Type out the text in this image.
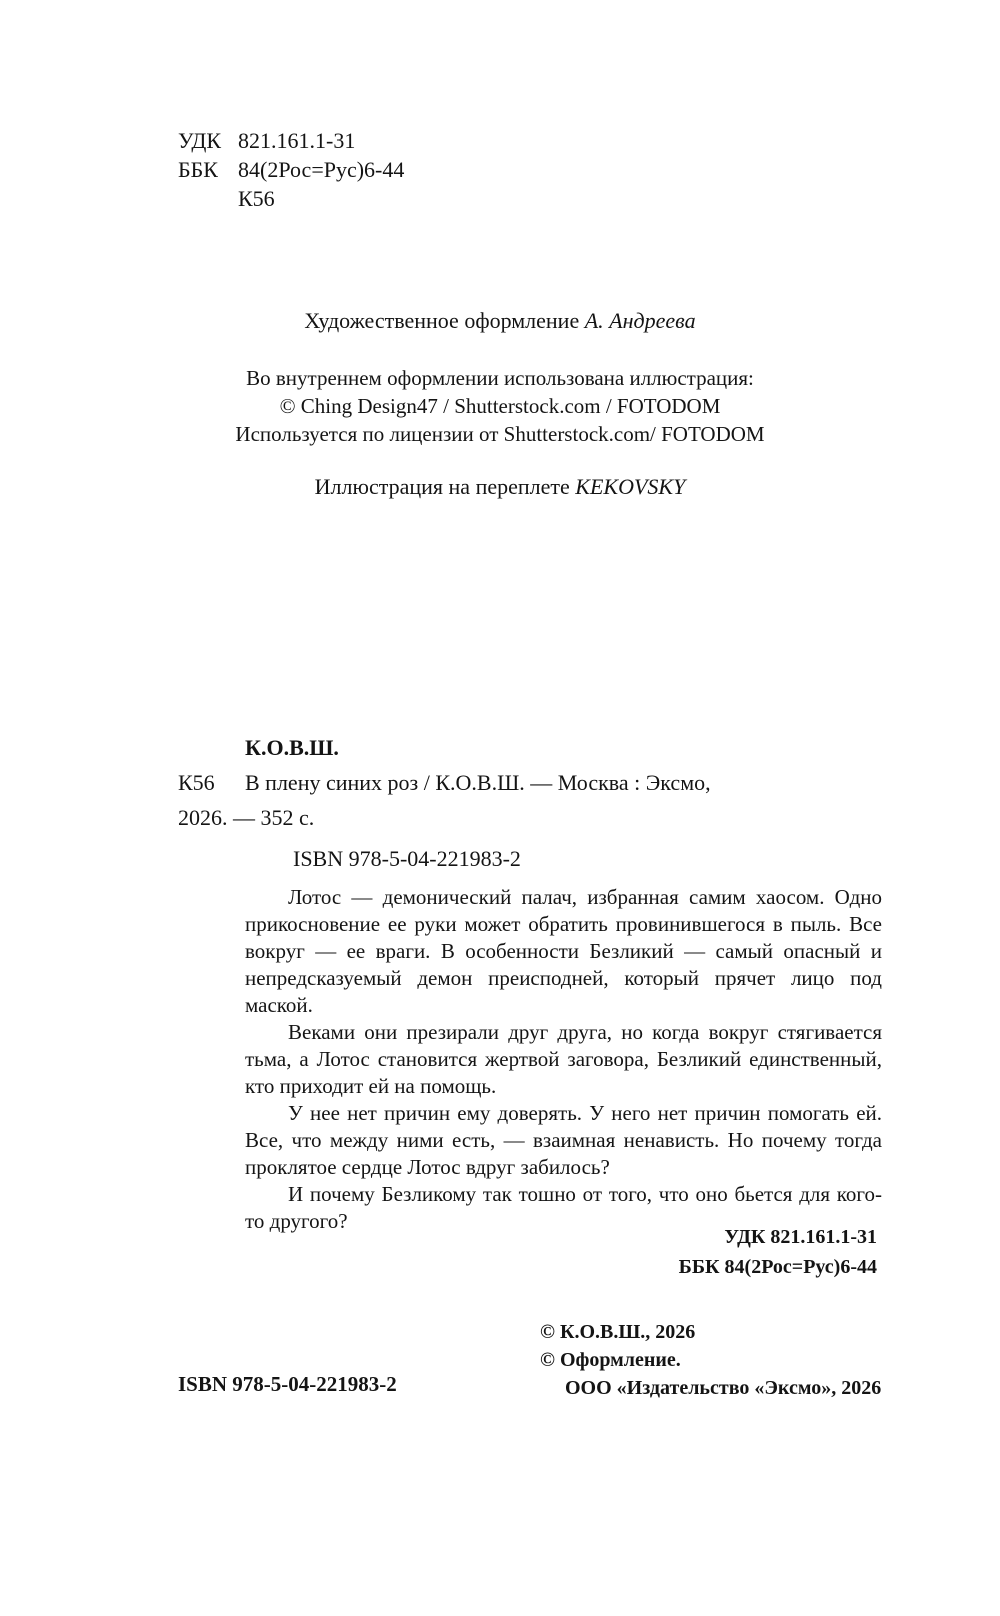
УДК 821.161.1-31
ББК 84(2Рос=Рус)6-44
К56
Художественное оформление А. Андреева
Во внутреннем оформлении использована иллюстрация:
© Ching Design47 / Shutterstock.com / FOTODOM
Используется по лицензии от Shutterstock.com/ FOTODOM
Иллюстрация на переплете KEKOVSKY
К.О.В.Ш.
К56 В плену синих роз / К.О.В.Ш. — Москва : Эксмо,
2026. — 352 с.
ISBN 978-5-04-221983-2

Лотос — демонический палач, избранная самим хаосом. Одно прикосновение ее руки может обратить провинившегося в пыль. Все вокруг — ее враги. В особенности Безликий — самый опасный и непредсказуемый демон преисподней, который прячет лицо под маской.

Веками они презирали друг друга, но когда вокруг стягивается тьма, а Лотос становится жертвой заговора, Безликий единственный, кто приходит ей на помощь.

У нее нет причин ему доверять. У него нет причин помогать ей. Все, что между ними есть, — взаимная ненависть. Но почему тогда проклятое сердце Лотос вдруг забилось?

И почему Безликому так тошно от того, что оно бьется для кого-то другого?

УДК 821.161.1-31
ББК 84(2Рос=Рус)6-44
© К.О.В.Ш., 2026
© Оформление.
ООО «Издательство «Эксмо», 2026
ISBN 978-5-04-221983-2
